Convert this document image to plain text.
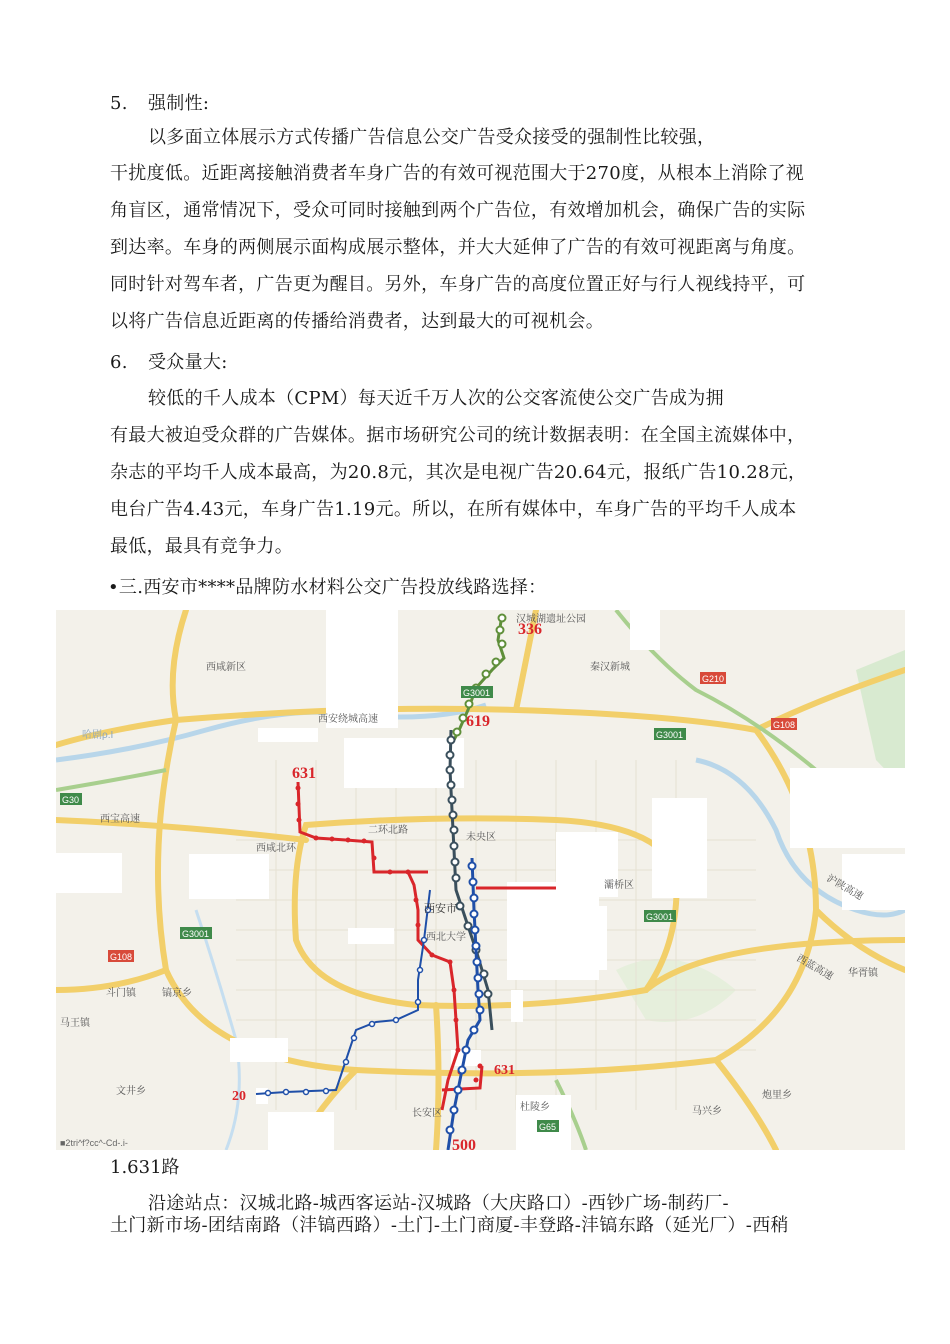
5. 强制性:
以多面立体展示方式传播广告信息公交广告受众接受的强制性比较强，
干扰度低。近距离接触消费者车身广告的有效可视范围大于270度，从根本上消除了视
角盲区，通常情况下，受众可同时接触到两个广告位，有效增加机会，确保广告的实际
到达率。车身的两侧展示面构成展示整体，并大大延伸了广告的有效可视距离与角度。
同时针对驾车者，广告更为醒目。另外，车身广告的高度位置正好与行人视线持平，可
以将广告信息近距离的传播给消费者，达到最大的可视机会。
6. 受众量大:
较低的千人成本（CPM）每天近千万人次的公交客流使公交广告成为拥
有最大被迫受众群的广告媒体。据市场研究公司的统计数据表明：在全国主流媒体中，
杂志的平均千人成本最高，为20.8元，其次是电视广告20.64元，报纸广告10.28元，
电台广告4.43元，车身广告1.19元。所以，在所有媒体中，车身广告的平均千人成本
最低，最具有竞争力。
•三.西安市****品牌防水材料公交广告投放线路选择：
G30
G3001
G3001
G108
G108
G210
G65
G3001
G3001
未央区
西安市
西北大学
长安区
杜陵乡
马王镇
文井乡
斗门镇	镐京乡
马兴乡
灞桥区
华胥镇
炮里乡
二环北路
西安绕城高速
西宝高速
西咸北环
沪陕高速
西蓝高速
汉城湖遗址公园
西咸新区	秦汉新城
336
619
631
631
500
20
■2tri^f?cc^-Cd-.i-
哈剧ρ.I
1.631路
沿途站点：汉城北路-城西客运站-汉城路（大庆路口）-西钞广场-制药厂-
土门新市场-团结南路（沣镐西路）-土门-土门商厦-丰登路-沣镐东路（延光厂）-西稍
